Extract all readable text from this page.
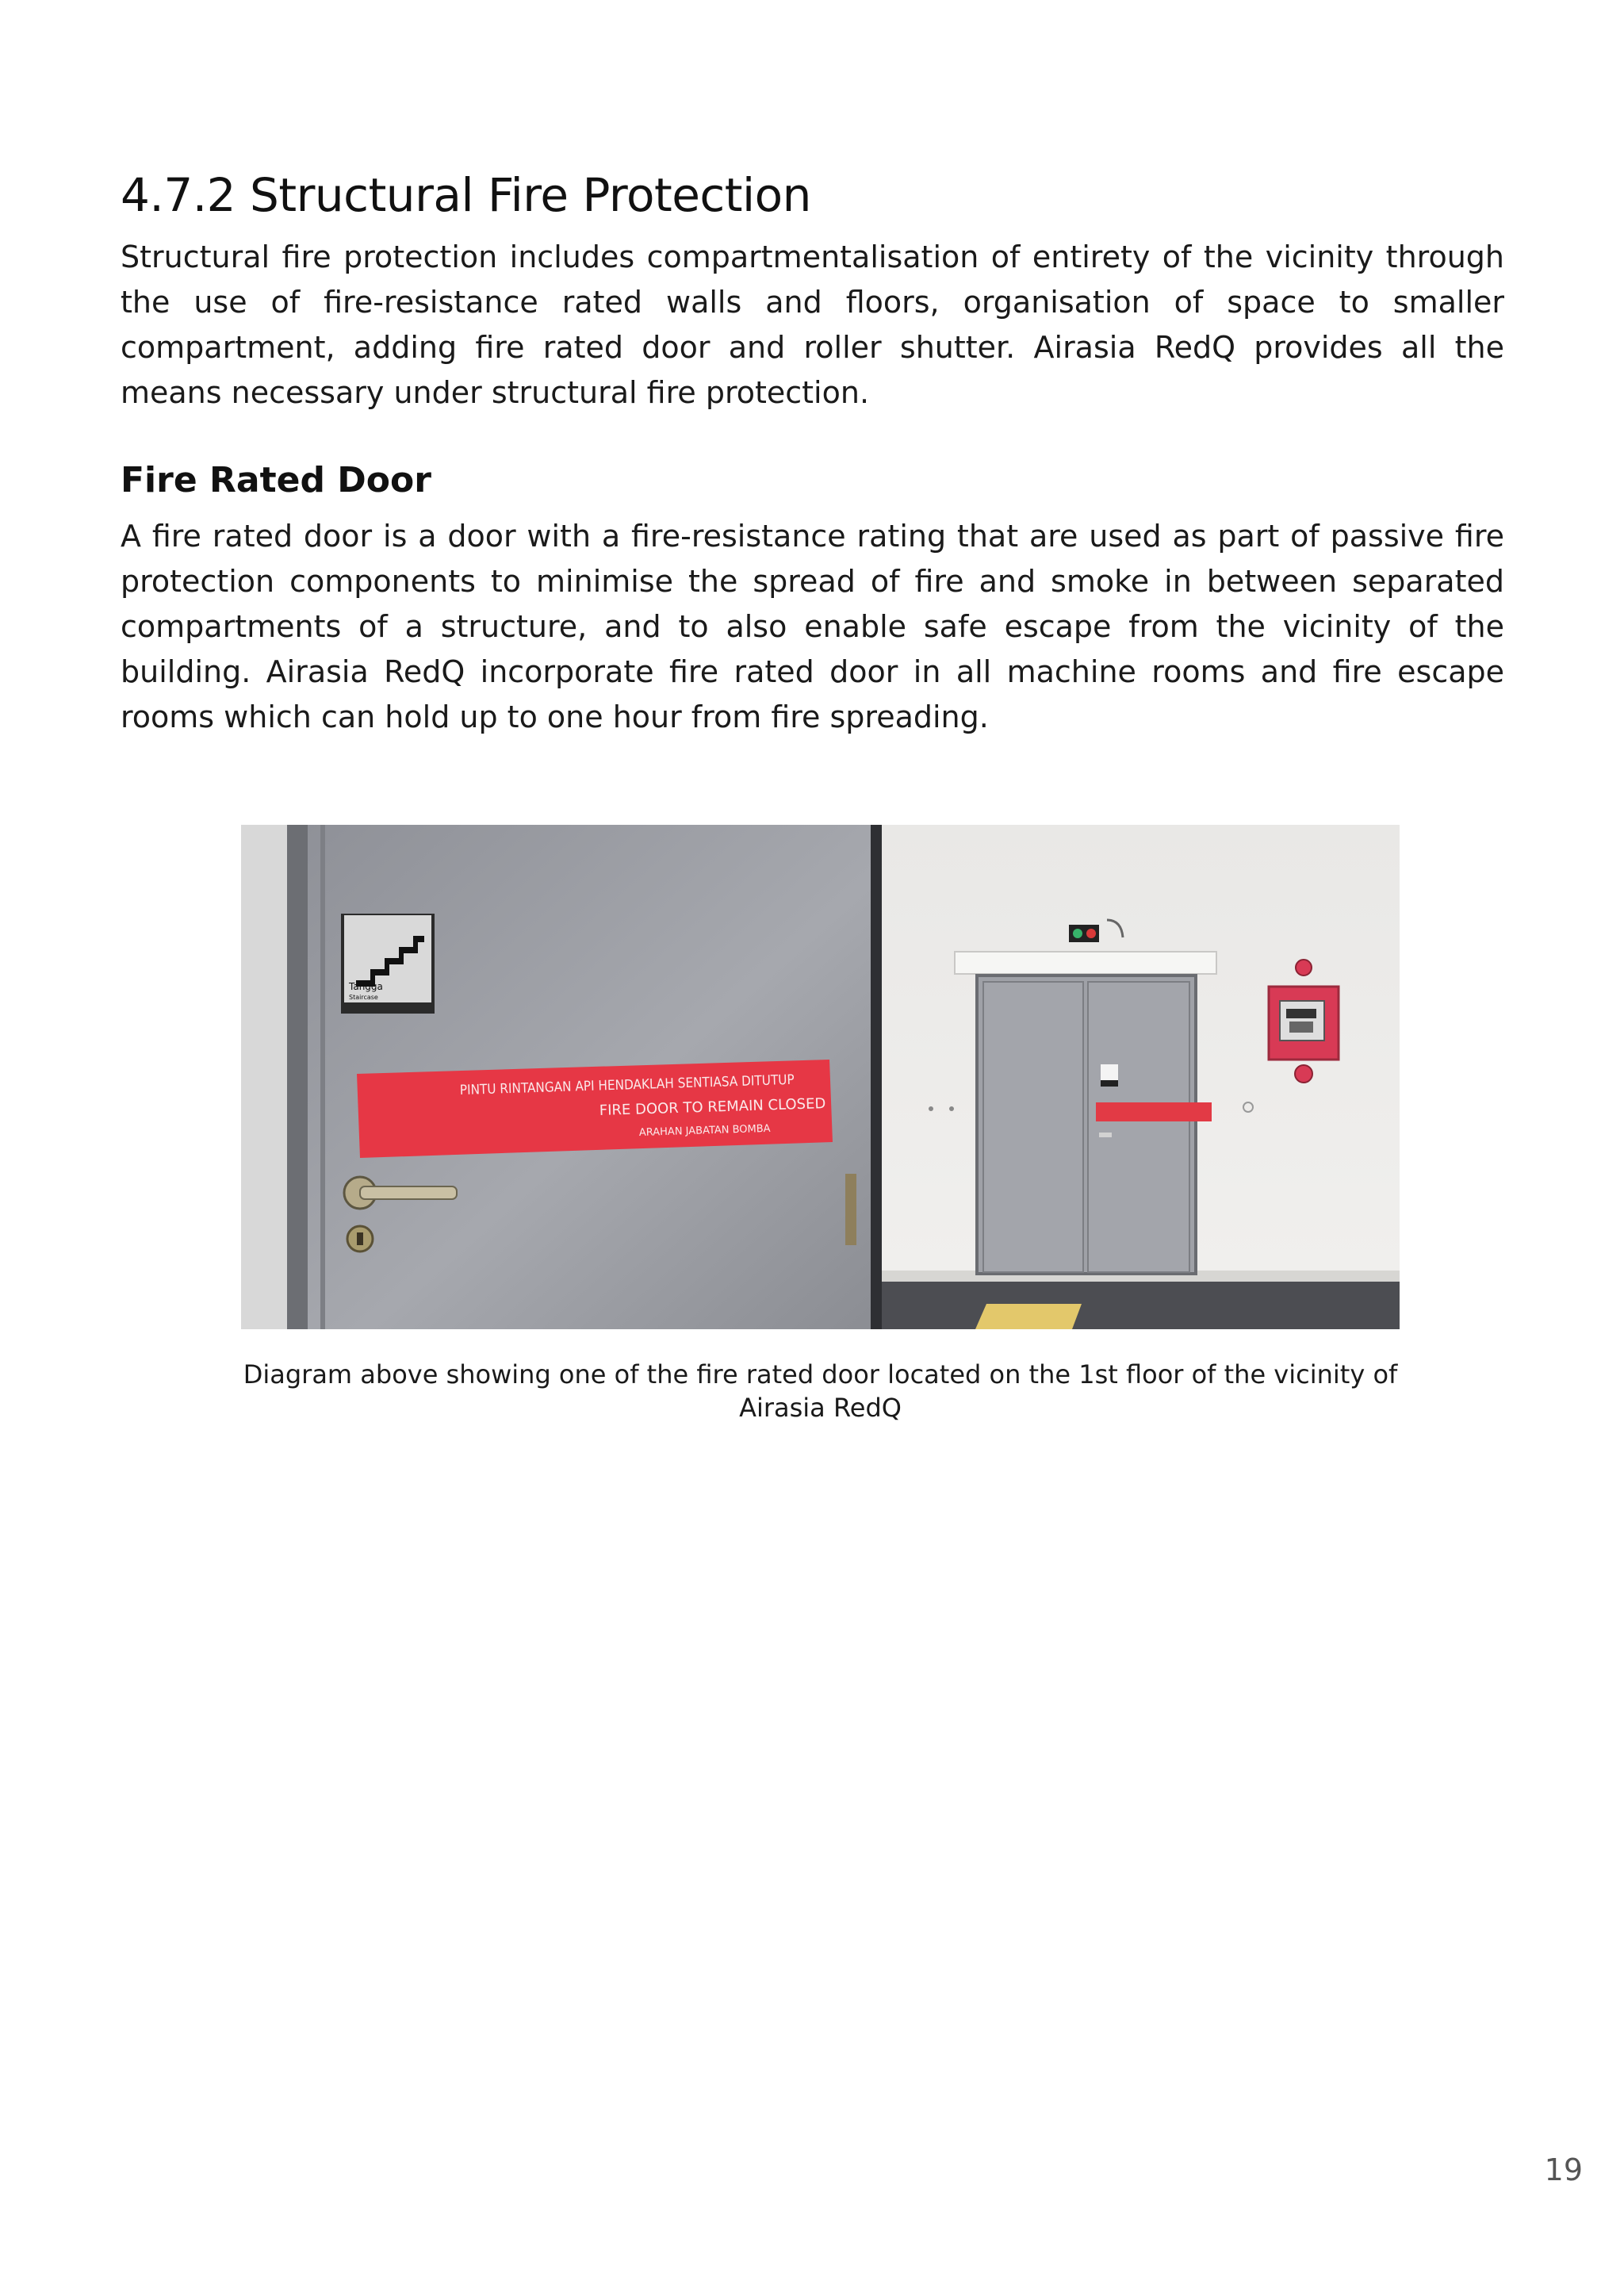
4.7.2 Structural Fire Protection

Structural fire protection includes compartmentalisation of entirety of the vicinity through the use of fire-resistance rated walls and floors, organisation of space to smaller compartment, adding fire rated door and roller shutter. Airasia RedQ provides all the means necessary under structural fire protection.

Fire Rated Door

A fire rated door is a door with a fire-resistance rating that are used as part of passive fire protection components to minimise the spread of fire and smoke in between separated compartments of a structure, and to also enable safe escape from the vicinity of the building. Airasia RedQ incorporate fire rated door in all machine rooms and fire escape rooms which can hold up to one hour from fire spreading.

Tangga
Staircase
PINTU RINTANGAN API HENDAKLAH SENTIASA DITUTUP
FIRE DOOR TO REMAIN CLOSED
ARAHAN JABATAN BOMBA

Diagram above showing one of the fire rated door located on the 1st floor of the vicinity of Airasia RedQ

19
